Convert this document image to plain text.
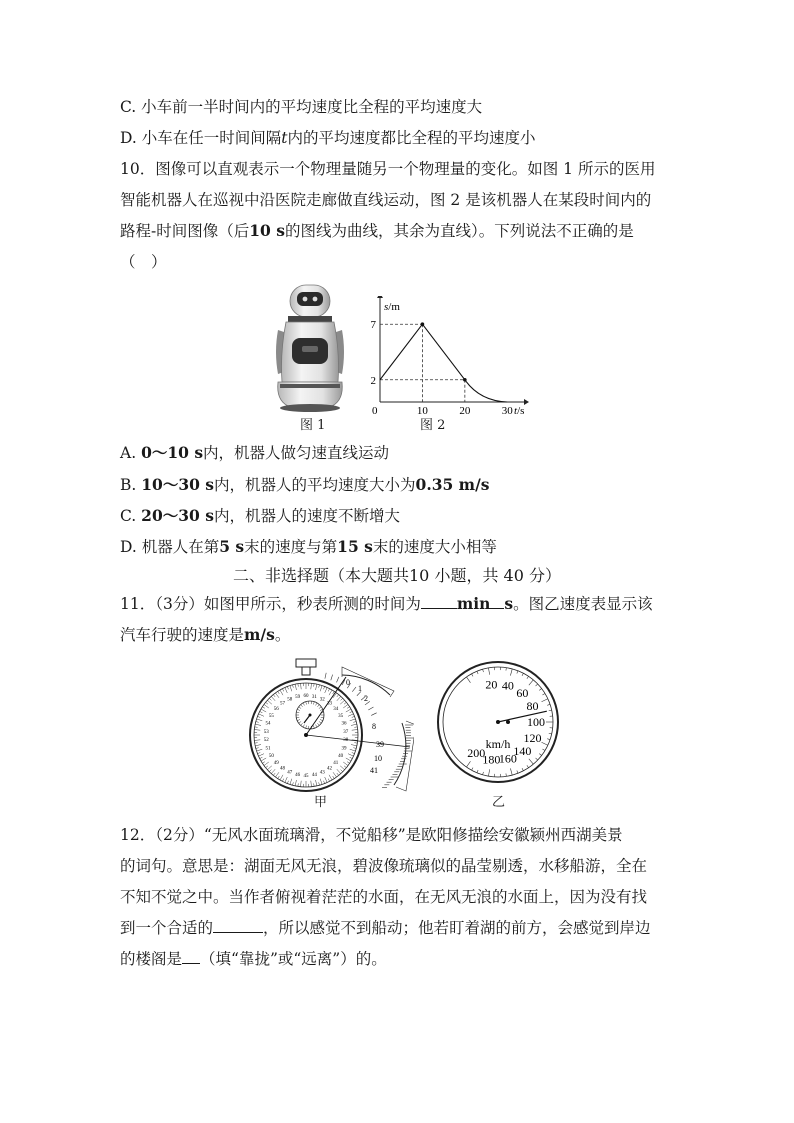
C. 小车前一半时间内的平均速度比全程的平均速度大
D. 小车在任一时间间隔t内的平均速度都比全程的平均速度小
10．图像可以直观表示一个物理量随另一个物理量的变化。如图 1 所示的医用
智能机器人在巡视中沿医院走廊做直线运动，图 2 是该机器人在某段时间内的
路程-时间图像（后10 s的图线为曲线，其余为直线）。下列说法不正确的是
（　）
图 1
s/m
t/s
0	10	20	30
2
7
图 2
A. 0～10 s内，机器人做匀速直线运动
B. 10～30 s内，机器人的平均速度大小为0.35 m/s
C. 20～30 s内，机器人的速度不断增大
D. 机器人在第5 s末的速度与第15 s末的速度大小相等
二、非选择题（本大题共10 小题，共 40 分）
11．（3分）如图甲所示，秒表所测的时间为 min s。图乙速度表显示该
汽车行驶的速度是m/s。
31
32
33
34
35
36
37
38
39
40
41
42
43
44
45
46
47
48
49
50
51
52
53
54
55
56
57
58
59 60
0
1
2
8
39
10
41
甲
20 40
60
80
100
120
140
160
180
200
km/h
乙
12．（2分）“无风水面琉璃滑，不觉船移”是欧阳修描绘安徽颍州西湖美景
的词句。意思是：湖面无风无浪，碧波像琉璃似的晶莹剔透，水移船游，全在
不知不觉之中。当作者俯视着茫茫的水面，在无风无浪的水面上，因为没有找
到一个合适的	，所以感觉不到船动；他若盯着湖的前方，会感觉到岸边
的楼阁是 （填“靠拢”或“远离”）的。
